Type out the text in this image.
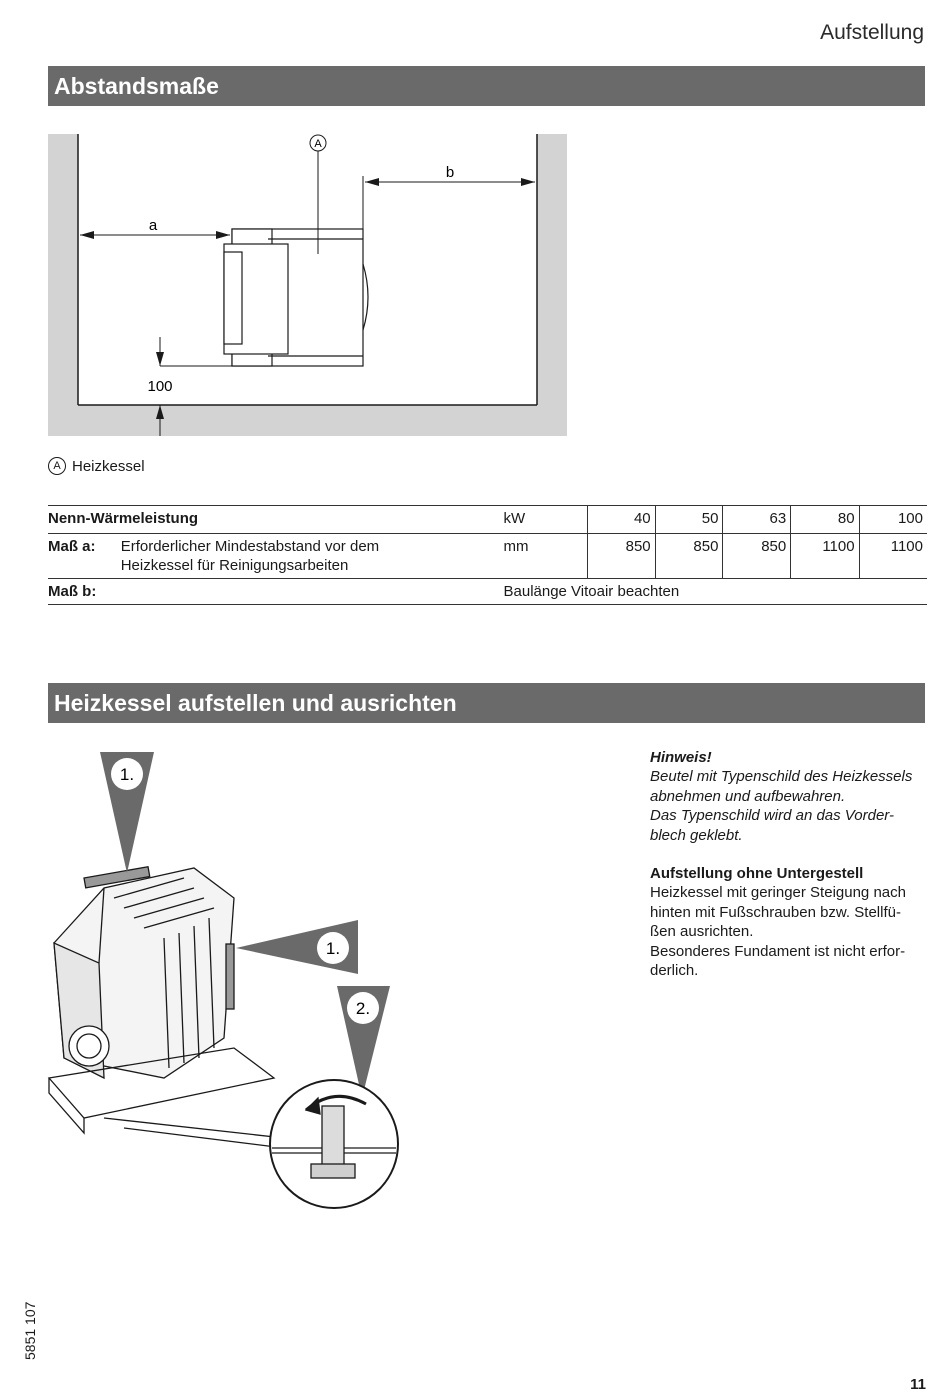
Aufstellung
Abstandsmaße
A
a
b
100
A Heizkessel
Nenn-Wärmeleistung		kW	40	50	63	80	100
Maß a:	Erforderlicher Mindestabstand vor dem
Heizkessel für Reinigungsarbeiten	mm	850	850	850	1100	1100
Maß b:		Baulänge Vitoair beachten					
Heizkessel aufstellen und ausrichten
1.
1.
2.

Hinweis!

Beutel mit Typenschild des Heizkessels

abnehmen und aufbewahren.

Das Typenschild wird an das Vorder-

blech geklebt.

Aufstellung ohne Untergestell

Heizkessel mit geringer Steigung nach

hinten mit Fußschrauben bzw. Stellfü-

ßen ausrichten.

Besonderes Fundament ist nicht erfor-

derlich.

5851 107
11
